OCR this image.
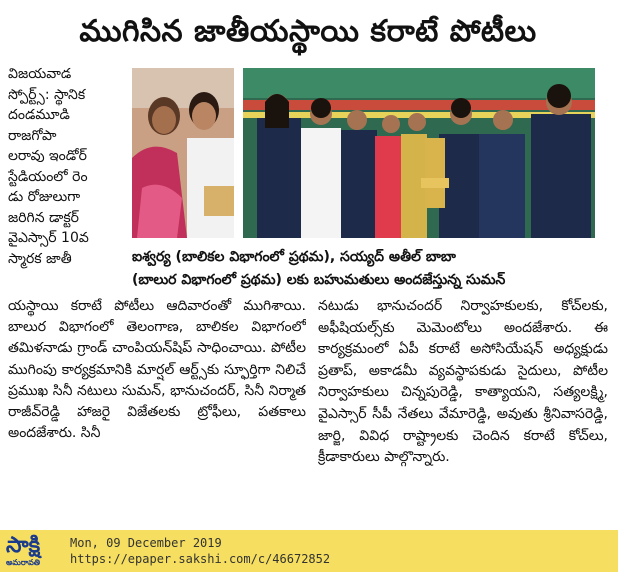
ముగిసిన జాతీయస్థాయి కరాటే పోటీలు
విజయవాడ
స్పోర్ట్స్: స్థానిక
దండమూడి
రాజగోపా
లరావు ఇండోర్
స్టేడియంలో రెం
డు రోజులుగా
జరిగిన డాక్టర్
వైఎస్సార్ 10వ
స్మారక జాతీ	ఐశ్వర్య (బాలికల విభాగంలో ప్రథమ), సయ్యద్ అతీల్ బాబా
(బాలుర విభాగంలో ప్రథమ) లకు బహుమతులు అందజేస్తున్న సుమన్
యస్థాయి కరాటే పోటీలు ఆదివారంతో ముగిశాయి. బాలుర విభాగంలో తెలంగాణ, బాలికల విభాగంలో తమిళనాడు గ్రాండ్ చాంపియన్‌షిప్ సాధించాయి. పోటీల ముగింపు కార్యక్రమానికి మార్షల్ ఆర్ట్స్‌కు స్ఫూర్తిగా నిలిచే ప్రముఖ సినీ నటులు సుమన్, భానుచందర్, సినీ నిర్మాత రాజీవ్‌రెడ్డి హాజరై విజేతలకు ట్రోఫీలు, పతకాలు అందజేశారు. సినీ
నటుడు భానుచందర్ నిర్వాహకులకు, కోచ్‌లకు, అఫీషియల్స్‌కు మెమెంటోలు అందజేశారు. ఈ కార్యక్రమంలో ఏపీ కరాటే అసోసియేషన్ అధ్యక్షుడు ప్రతాప్, అకాడమీ వ్యవస్థాపకుడు సైదులు, పోటీల నిర్వాహకులు చిన్నపురెడ్డి, కాత్యాయని, సత్యలక్ష్మి, వైఎస్సార్ సీపీ నేతలు వేమారెడ్డి, అవుతు శ్రీనివాసరెడ్డి, జార్జి, వివిధ రాష్ట్రాలకు చెందిన కరాటే కోచ్‌లు, క్రీడాకారులు పాల్గొన్నారు.
సాక్షి
అమరావతి
Mon, 09 December 2019
https://epaper.sakshi.com/c/46672852
